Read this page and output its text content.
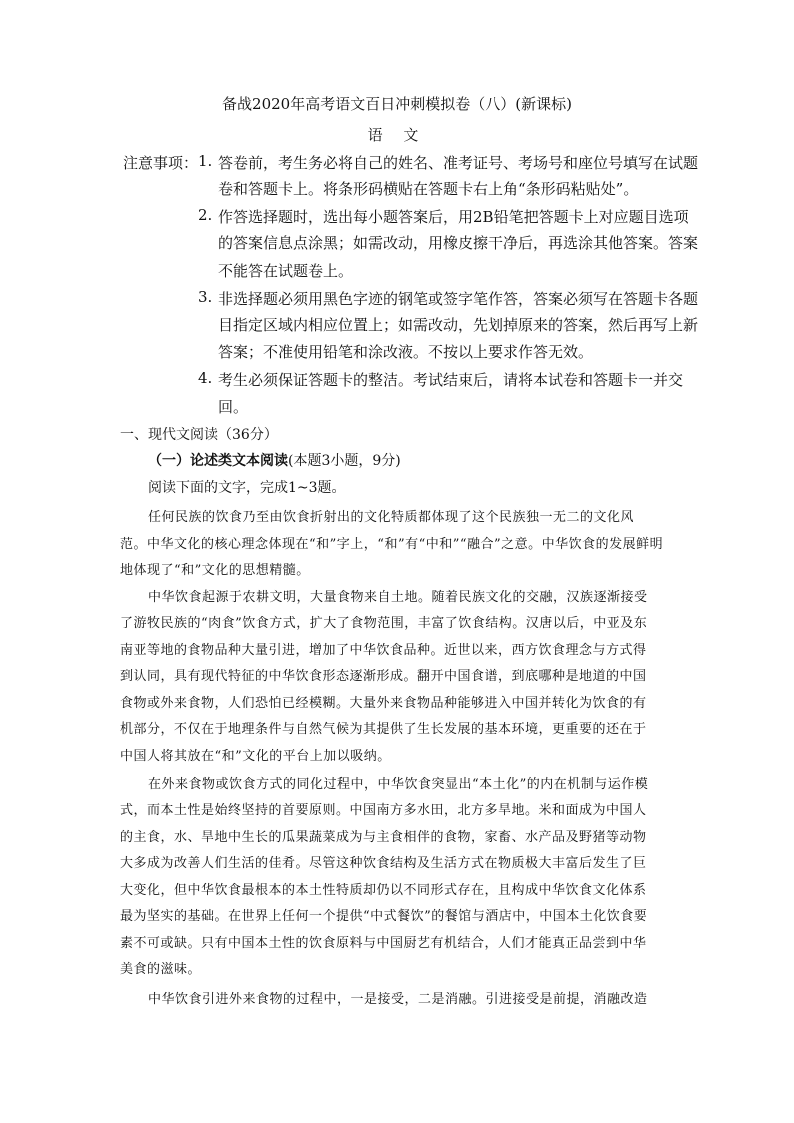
备战2020年高考语文百日冲刺模拟卷（八）(新课标)
语 文
注意事项： 1. 答卷前，考生务必将自己的姓名、准考证号、考场号和座位号填写在试题
卷和答题卡上。将条形码横贴在答题卡右上角“条形码粘贴处”。
2. 作答选择题时，选出每小题答案后，用2B铅笔把答题卡上对应题目选项
的答案信息点涂黑；如需改动，用橡皮擦干净后，再选涂其他答案。答案
不能答在试题卷上。
3. 非选择题必须用黑色字迹的钢笔或签字笔作答，答案必须写在答题卡各题
目指定区域内相应位置上；如需改动，先划掉原来的答案，然后再写上新
答案；不准使用铅笔和涂改液。不按以上要求作答无效。
4. 考生必须保证答题卡的整洁。考试结束后，请将本试卷和答题卡一并交
回。
一、现代文阅读（36分）
（一）论述类文本阅读(本题3小题，9分)
阅读下面的文字，完成1~3题。
任何民族的饮食乃至由饮食折射出的文化特质都体现了这个民族独一无二的文化风
范。中华文化的核心理念体现在“和”字上，“和”有“中和”“融合”之意。中华饮食的发展鲜明
地体现了“和”文化的思想精髓。
中华饮食起源于农耕文明，大量食物来自土地。随着民族文化的交融，汉族逐渐接受
了游牧民族的“肉食”饮食方式，扩大了食物范围，丰富了饮食结构。汉唐以后，中亚及东
南亚等地的食物品种大量引进，增加了中华饮食品种。近世以来，西方饮食理念与方式得
到认同，具有现代特征的中华饮食形态逐渐形成。翻开中国食谱，到底哪种是地道的中国
食物或外来食物，人们恐怕已经模糊。大量外来食物品种能够进入中国并转化为饮食的有
机部分，不仅在于地理条件与自然气候为其提供了生长发展的基本环境，更重要的还在于
中国人将其放在“和”文化的平台上加以吸纳。
在外来食物或饮食方式的同化过程中，中华饮食突显出“本土化”的内在机制与运作模
式，而本土性是始终坚持的首要原则。中国南方多水田，北方多旱地。米和面成为中国人
的主食，水、旱地中生长的瓜果蔬菜成为与主食相伴的食物，家畜、水产品及野猪等动物
大多成为改善人们生活的佳肴。尽管这种饮食结构及生活方式在物质极大丰富后发生了巨
大变化，但中华饮食最根本的本土性特质却仍以不同形式存在，且构成中华饮食文化体系
最为坚实的基础。在世界上任何一个提供“中式餐饮”的餐馆与酒店中，中国本土化饮食要
素不可或缺。只有中国本土性的饮食原料与中国厨艺有机结合，人们才能真正品尝到中华
美食的滋味。
中华饮食引进外来食物的过程中，一是接受，二是消融。引进接受是前提，消融改造
